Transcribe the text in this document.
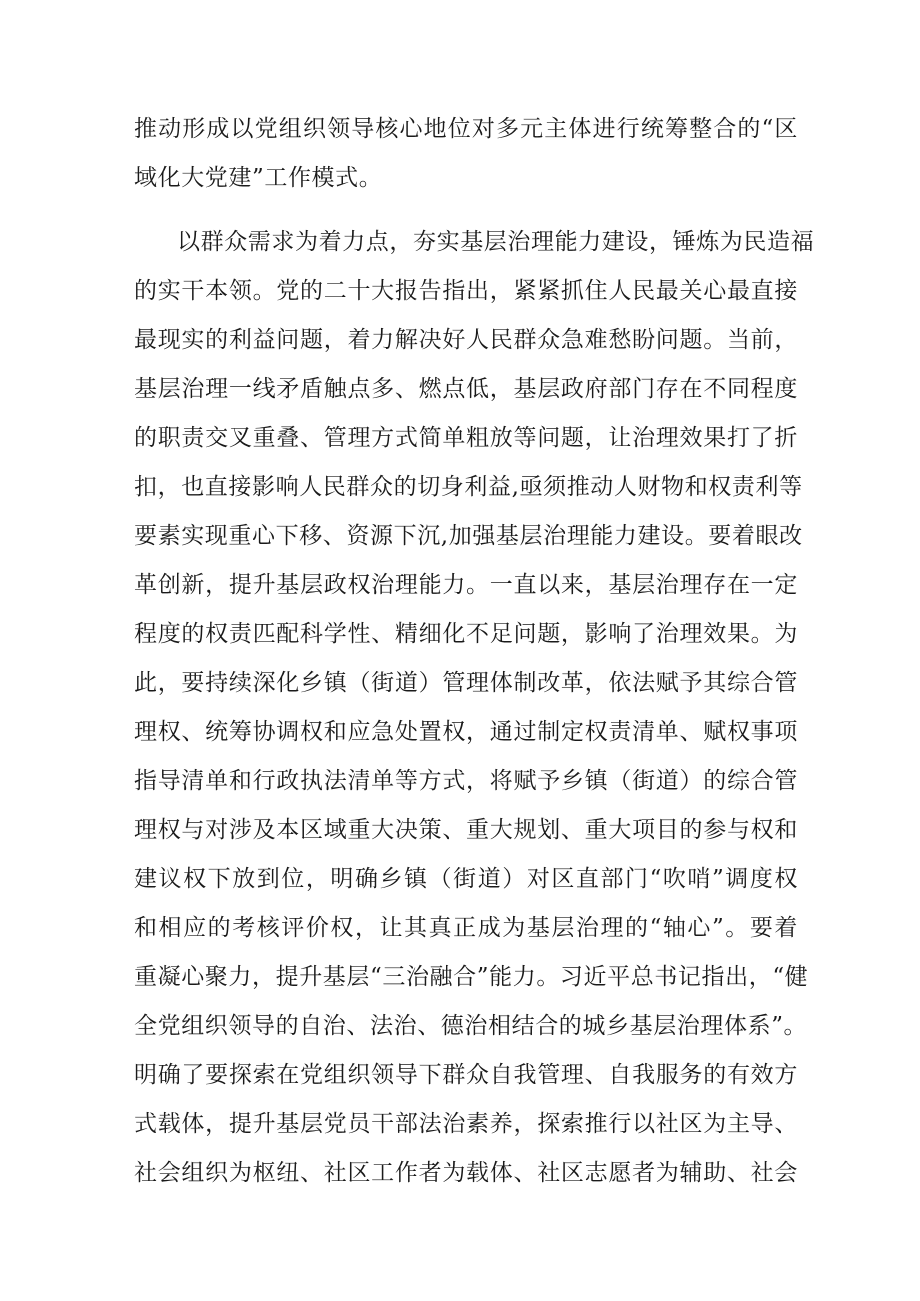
推动形成以党组织领导核心地位对多元主体进行统筹整合的“区
域化大党建”工作模式。
以群众需求为着力点，夯实基层治理能力建设，锤炼为民造福
的实干本领。党的二十大报告指出，紧紧抓住人民最关心最直接
最现实的利益问题，着力解决好人民群众急难愁盼问题。当前，
基层治理一线矛盾触点多、燃点低，基层政府部门存在不同程度
的职责交叉重叠、管理方式简单粗放等问题，让治理效果打了折
扣，也直接影响人民群众的切身利益,亟须推动人财物和权责利等
要素实现重心下移、资源下沉,加强基层治理能力建设。要着眼改
革创新，提升基层政权治理能力。一直以来，基层治理存在一定
程度的权责匹配科学性、精细化不足问题，影响了治理效果。为
此，要持续深化乡镇（街道）管理体制改革，依法赋予其综合管
理权、统筹协调权和应急处置权，通过制定权责清单、赋权事项
指导清单和行政执法清单等方式，将赋予乡镇（街道）的综合管
理权与对涉及本区域重大决策、重大规划、重大项目的参与权和
建议权下放到位，明确乡镇（街道）对区直部门“吹哨”调度权
和相应的考核评价权，让其真正成为基层治理的“轴心”。要着
重凝心聚力，提升基层“三治融合”能力。习近平总书记指出，“健
全党组织领导的自治、法治、德治相结合的城乡基层治理体系”。
明确了要探索在党组织领导下群众自我管理、自我服务的有效方
式载体，提升基层党员干部法治素养，探索推行以社区为主导、
社会组织为枢纽、社区工作者为载体、社区志愿者为辅助、社会
